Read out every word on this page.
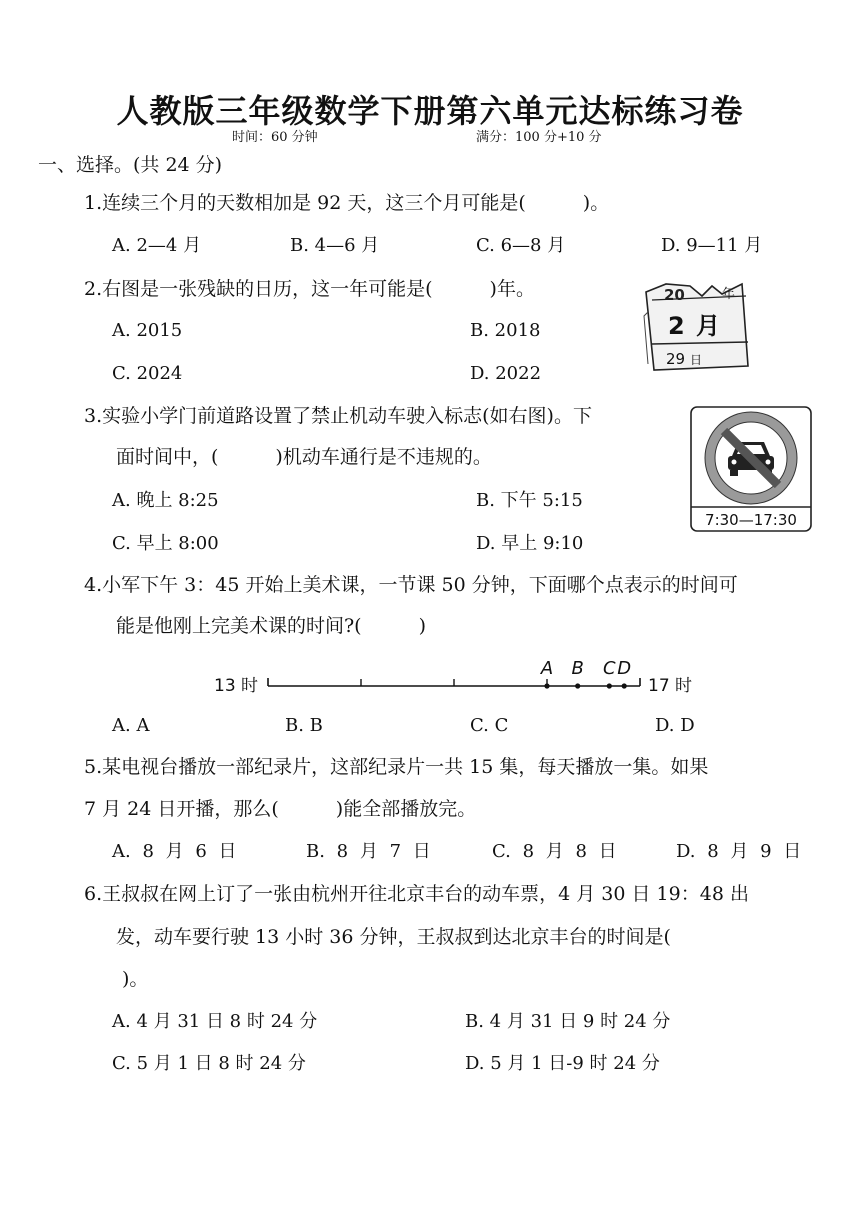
人教版三年级数学下册第六单元达标练习卷
时间：60 分钟	满分：100 分+10 分
一、选择。(共 24 分)
1.连续三个月的天数相加是 92 天，这三个月可能是(　　　)。
A. 2—4 月	B. 4—6 月	C. 6—8 月	D. 9—11 月
2.右图是一张残缺的日历，这一年可能是(　　　)年。
A. 2015	B. 2018
C. 2024	D. 2022
20	年
2 月
29 日
3.实验小学门前道路设置了禁止机动车驶入标志(如右图)。下
面时间中，(　　　)机动车通行是不违规的。
A. 晚上 8:25	B. 下午 5:15
C. 早上 8:00	D. 早上 9:10
7:30—17:30
4.小军下午 3：45 开始上美术课，一节课 50 分钟，下面哪个点表示的时间可
能是他刚上完美术课的时间?(　　　)
13 时
A B C D
17 时
A. A	B. B	C. C	D. D
5.某电视台播放一部纪录片，这部纪录片一共 15 集，每天播放一集。如果
7 月 24 日开播，那么(　　　)能全部播放完。
A. 8 月 6 日	B. 8 月 7 日	C. 8 月 8 日	D. 8 月 9 日
6.王叔叔在网上订了一张由杭州开往北京丰台的动车票，4 月 30 日 19：48 出
发，动车要行驶 13 小时 36 分钟，王叔叔到达北京丰台的时间是(
)。
A. 4 月 31 日 8 时 24 分	B. 4 月 31 日 9 时 24 分
C. 5 月 1 日 8 时 24 分	D. 5 月 1 日-9 时 24 分
